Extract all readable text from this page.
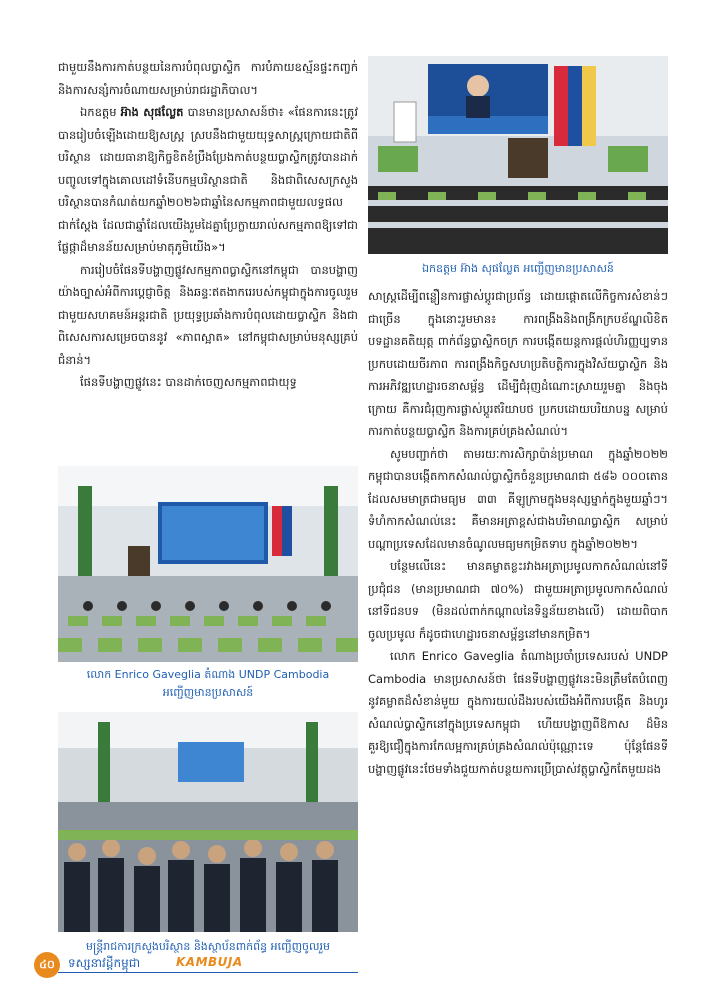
ជាមួយនឹងការកាត់បន្ថយនៃការបំពុលប្លាស្ទិក ការបំភាយឧស្ម័នផ្ទះកញ្ចក់ និងការសន្សំការចំណាយសម្រាប់រាជរដ្ឋាភិបាល។

ឯកឧត្តម អ៊ាង សុផល្លែត បានមានប្រសាសន៍ថា៖ «ផែនការនេះត្រូវបានរៀបចំឡើងដោយឱ្យសស្ត្រ ស្របនឹងជាមួយយុទ្ធសាស្ត្រក្រោយជាតិពីបរិស្ថាន ដោយធានាឱ្យកិច្ចខិតខំប្រឹងប្រែងកាត់បន្ថយប្លាស្ទិកត្រូវបានដាក់បញ្ចូលទៅក្នុងគោលដៅទំនើបកម្មបរិស្ថានជាតិ និងជាពិសេសក្រសួងបរិស្ថានបានកំណត់យកឆ្នាំ២០២៦ជាឆ្នាំនៃសកម្មភាពជាមួយលទ្ធផលជាក់ស្ដែង ដែលជាឆ្នាំដែលយើងរួមដៃគ្នាប្រែក្លាយរាល់សកម្មភាពឱ្យទៅជាផ្លែផ្កាដ៏មានន័យសម្រាប់មាតុភូមិយើង»។

ការរៀបចំផែនទីបង្ហាញផ្លូវសកម្មភាពប្លាស្ទិកនៅកម្ពុជា បានបង្ហាញយ៉ាងច្បាស់អំពីការប្ដេជ្ញាចិត្ត និងឆន្ទៈឥតងាករេរបស់កម្ពុជាក្នុងការចូលរួមជាមួយសហគមន៍អន្តរជាតិ ប្រយុទ្ធប្រឆាំងការបំពុលដោយប្លាស្ទិក និងជាពិសេសការសម្រេចបាននូវ «ភាពស្អាត» នៅកម្ពុជាសម្រាប់មនុស្សគ្រប់ជំនាន់។

ផែនទីបង្ហាញផ្លូវនេះ បានដាក់ចេញសកម្មភាពជាយុទ្ធ

ឯកឧត្តម អ៊ាង សុផល្លែត អញ្ជើញមានប្រសាសន៍

សាស្ត្រដើម្បីពន្លឿនការផ្លាស់ប្ដូរជាប្រព័ន្ធ ដោយផ្ដោតលើកិច្ចការសំខាន់ៗជាច្រើន ក្នុងនោះរួមមាន៖ ការពង្រឹងនិងពង្រីកក្របខ័ណ្ឌលិខិតបទដ្ឋានគតិយុត្ត ពាក់ព័ន្ធប្លាស្ទិកចក្រ ការបង្កើតយន្តការផ្ដល់ហិរញ្ញប្បទានប្រកបដោយចីរភាព ការពង្រឹងកិច្ចសហប្រតិបត្តិការក្នុងវិស័យប្លាស្ទិក និងការអភិវឌ្ឍហេដ្ឋារចនាសម្ព័ន្ធ ដើម្បីជំរុញដំណោះស្រាយរួមគ្នា និងចុងក្រោយ គឺការជំរុញការផ្លាស់ប្ដូរឥរិយាបថ ប្រកបដោយបរិយាបន្ន សម្រាប់ការកាត់បន្ថយប្លាស្ទិក និងការគ្រប់គ្រងសំណល់។

សូមបញ្ជាក់ថា តាមរយៈការសិក្សាប៉ាន់ប្រមាណ ក្នុងឆ្នាំ២០២២ កម្ពុជាបានបង្កើតកាកសំណល់ប្លាស្ទិកចំនួនប្រមាណជា ៥៨៦ ០០០តោន ដែលសមមាត្រជាមធ្យម ៣៣ គីឡូក្រាមក្នុងមនុស្សម្នាក់ក្នុងមួយឆ្នាំៗ។ ទំហំកាកសំណល់នេះ គឺមានអត្រាខ្ពស់ជាងបរិមាណប្លាស្ទិក សម្រាប់បណ្ដាប្រទេសដែលមានចំណូលមធ្យមកម្រិតទាប ក្នុងឆ្នាំ២០២២។

បន្ថែមលើនេះ មានគម្លាតខ្លះរវាងអត្រាប្រមូលកាកសំណល់នៅទីប្រជុំជន (មានប្រមាណជា ៧០%) ជាមួយអត្រាប្រមូលកាកសំណល់នៅទីជនបទ (មិនដល់ពាក់កណ្ដាលនៃទិន្នន័យខាងលើ) ដោយពិបាកចូលប្រមូល ក៏ដូចជាហេដ្ឋារចនាសម្ព័ន្ធនៅមានកម្រិត។

លោក Enrico Gaveglia តំណាងប្រចាំប្រទេសរបស់ UNDP Cambodia មានប្រសាសន៍ថា ផែនទីបង្ហាញផ្លូវនេះមិនត្រឹមតែបំពេញនូវគម្លាតដ៏សំខាន់មួយ ក្នុងការយល់ដឹងរបស់យើងអំពីការបង្កើត និងហូរសំណល់ប្លាស្ទិកនៅក្នុងប្រទេសកម្ពុជា ហើយបង្ហាញពីឱកាស ដ៏មិនគួរឱ្យជឿក្នុងការកែលម្អការគ្រប់គ្រងសំណល់ប៉ុណ្ណោះទេ ប៉ុន្តែផែនទីបង្ហាញផ្លូវនេះថែមទាំងជួយកាត់បន្ថយការប្រើប្រាស់វត្ថុប្លាស្ទិកតែមួយដង

លោក Enrico Gaveglia តំណាង UNDP Cambodia
អញ្ជើញមានប្រសាសន៍
មន្ត្រីរាជការក្រសួងបរិស្ថាន និងស្ថាប័នពាក់ព័ន្ធ អញ្ជើញចូលរួម
៤០	ទស្សនាវដ្ដីកម្ពុជា	KAMBUJA
